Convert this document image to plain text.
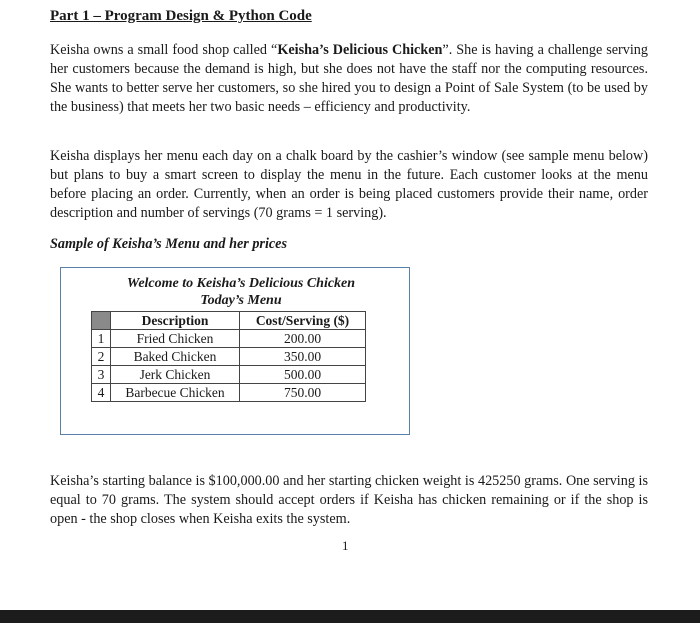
Part 1 – Program Design & Python Code

Keisha owns a small food shop called “Keisha’s Delicious Chicken”. She is having a challenge serving her customers because the demand is high, but she does not have the staff nor the computing resources. She wants to better serve her customers, so she hired you to design a Point of Sale System (to be used by the business) that meets her two basic needs – efficiency and productivity.

Keisha displays her menu each day on a chalk board by the cashier’s window (see sample menu below) but plans to buy a smart screen to display the menu in the future. Each customer looks at the menu before placing an order. Currently, when an order is being placed customers provide their name, order description and number of servings (70 grams = 1 serving).

Sample of Keisha’s Menu and her prices
Welcome to Keisha’s Delicious Chicken
Today’s Menu
	Description	Cost/Serving ($)
1	Fried Chicken	200.00
2	Baked Chicken	350.00
3	Jerk Chicken	500.00
4	Barbecue Chicken	750.00

Keisha’s starting balance is $100,000.00 and her starting chicken weight is 425250 grams. One serving is equal to 70 grams. The system should accept orders if Keisha has chicken remaining or if the shop is open - the shop closes when Keisha exits the system.

1
